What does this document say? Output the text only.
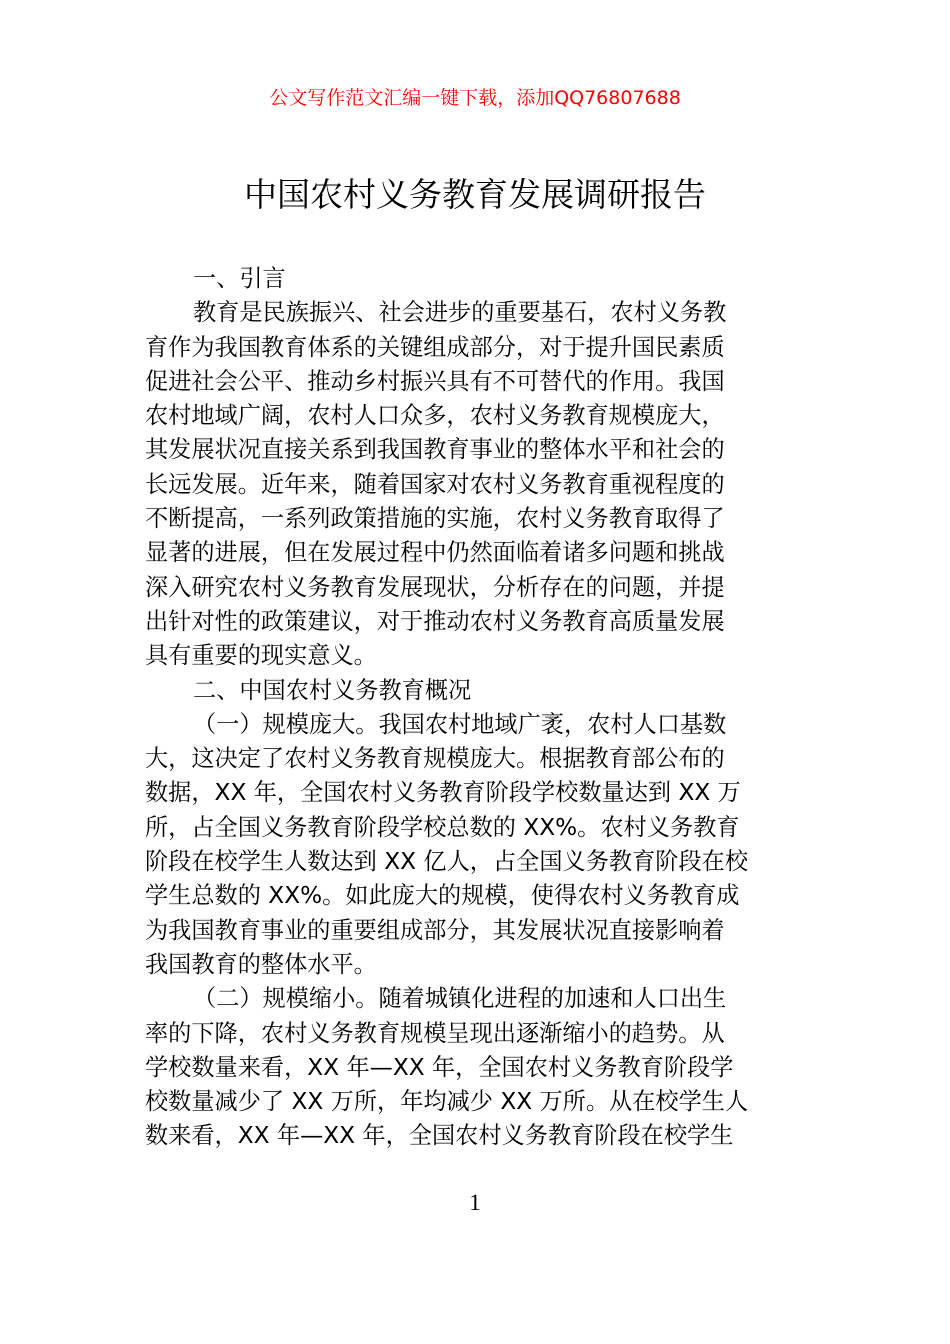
公文写作范文汇编一键下载，添加QQ76807688
中国农村义务教育发展调研报告
一、引言
教育是民族振兴、社会进步的重要基石，农村义务教
育作为我国教育体系的关键组成部分，对于提升国民素质
促进社会公平、推动乡村振兴具有不可替代的作用。我国
农村地域广阔，农村人口众多，农村义务教育规模庞大，
其发展状况直接关系到我国教育事业的整体水平和社会的
长远发展。近年来，随着国家对农村义务教育重视程度的
不断提高，一系列政策措施的实施，农村义务教育取得了
显著的进展，但在发展过程中仍然面临着诸多问题和挑战
深入研究农村义务教育发展现状，分析存在的问题，并提
出针对性的政策建议，对于推动农村义务教育高质量发展
具有重要的现实意义。
二、中国农村义务教育概况
（一）规模庞大。我国农村地域广袤，农村人口基数
大，这决定了农村义务教育规模庞大。根据教育部公布的
数据，XX 年，全国农村义务教育阶段学校数量达到 XX 万
所，占全国义务教育阶段学校总数的 XX%。农村义务教育
阶段在校学生人数达到 XX 亿人，占全国义务教育阶段在校
学生总数的 XX%。如此庞大的规模，使得农村义务教育成
为我国教育事业的重要组成部分，其发展状况直接影响着
我国教育的整体水平。
（二）规模缩小。随着城镇化进程的加速和人口出生
率的下降，农村义务教育规模呈现出逐渐缩小的趋势。从
学校数量来看，XX 年—XX 年，全国农村义务教育阶段学
校数量减少了 XX 万所，年均减少 XX 万所。从在校学生人
数来看，XX 年—XX 年，全国农村义务教育阶段在校学生
1
